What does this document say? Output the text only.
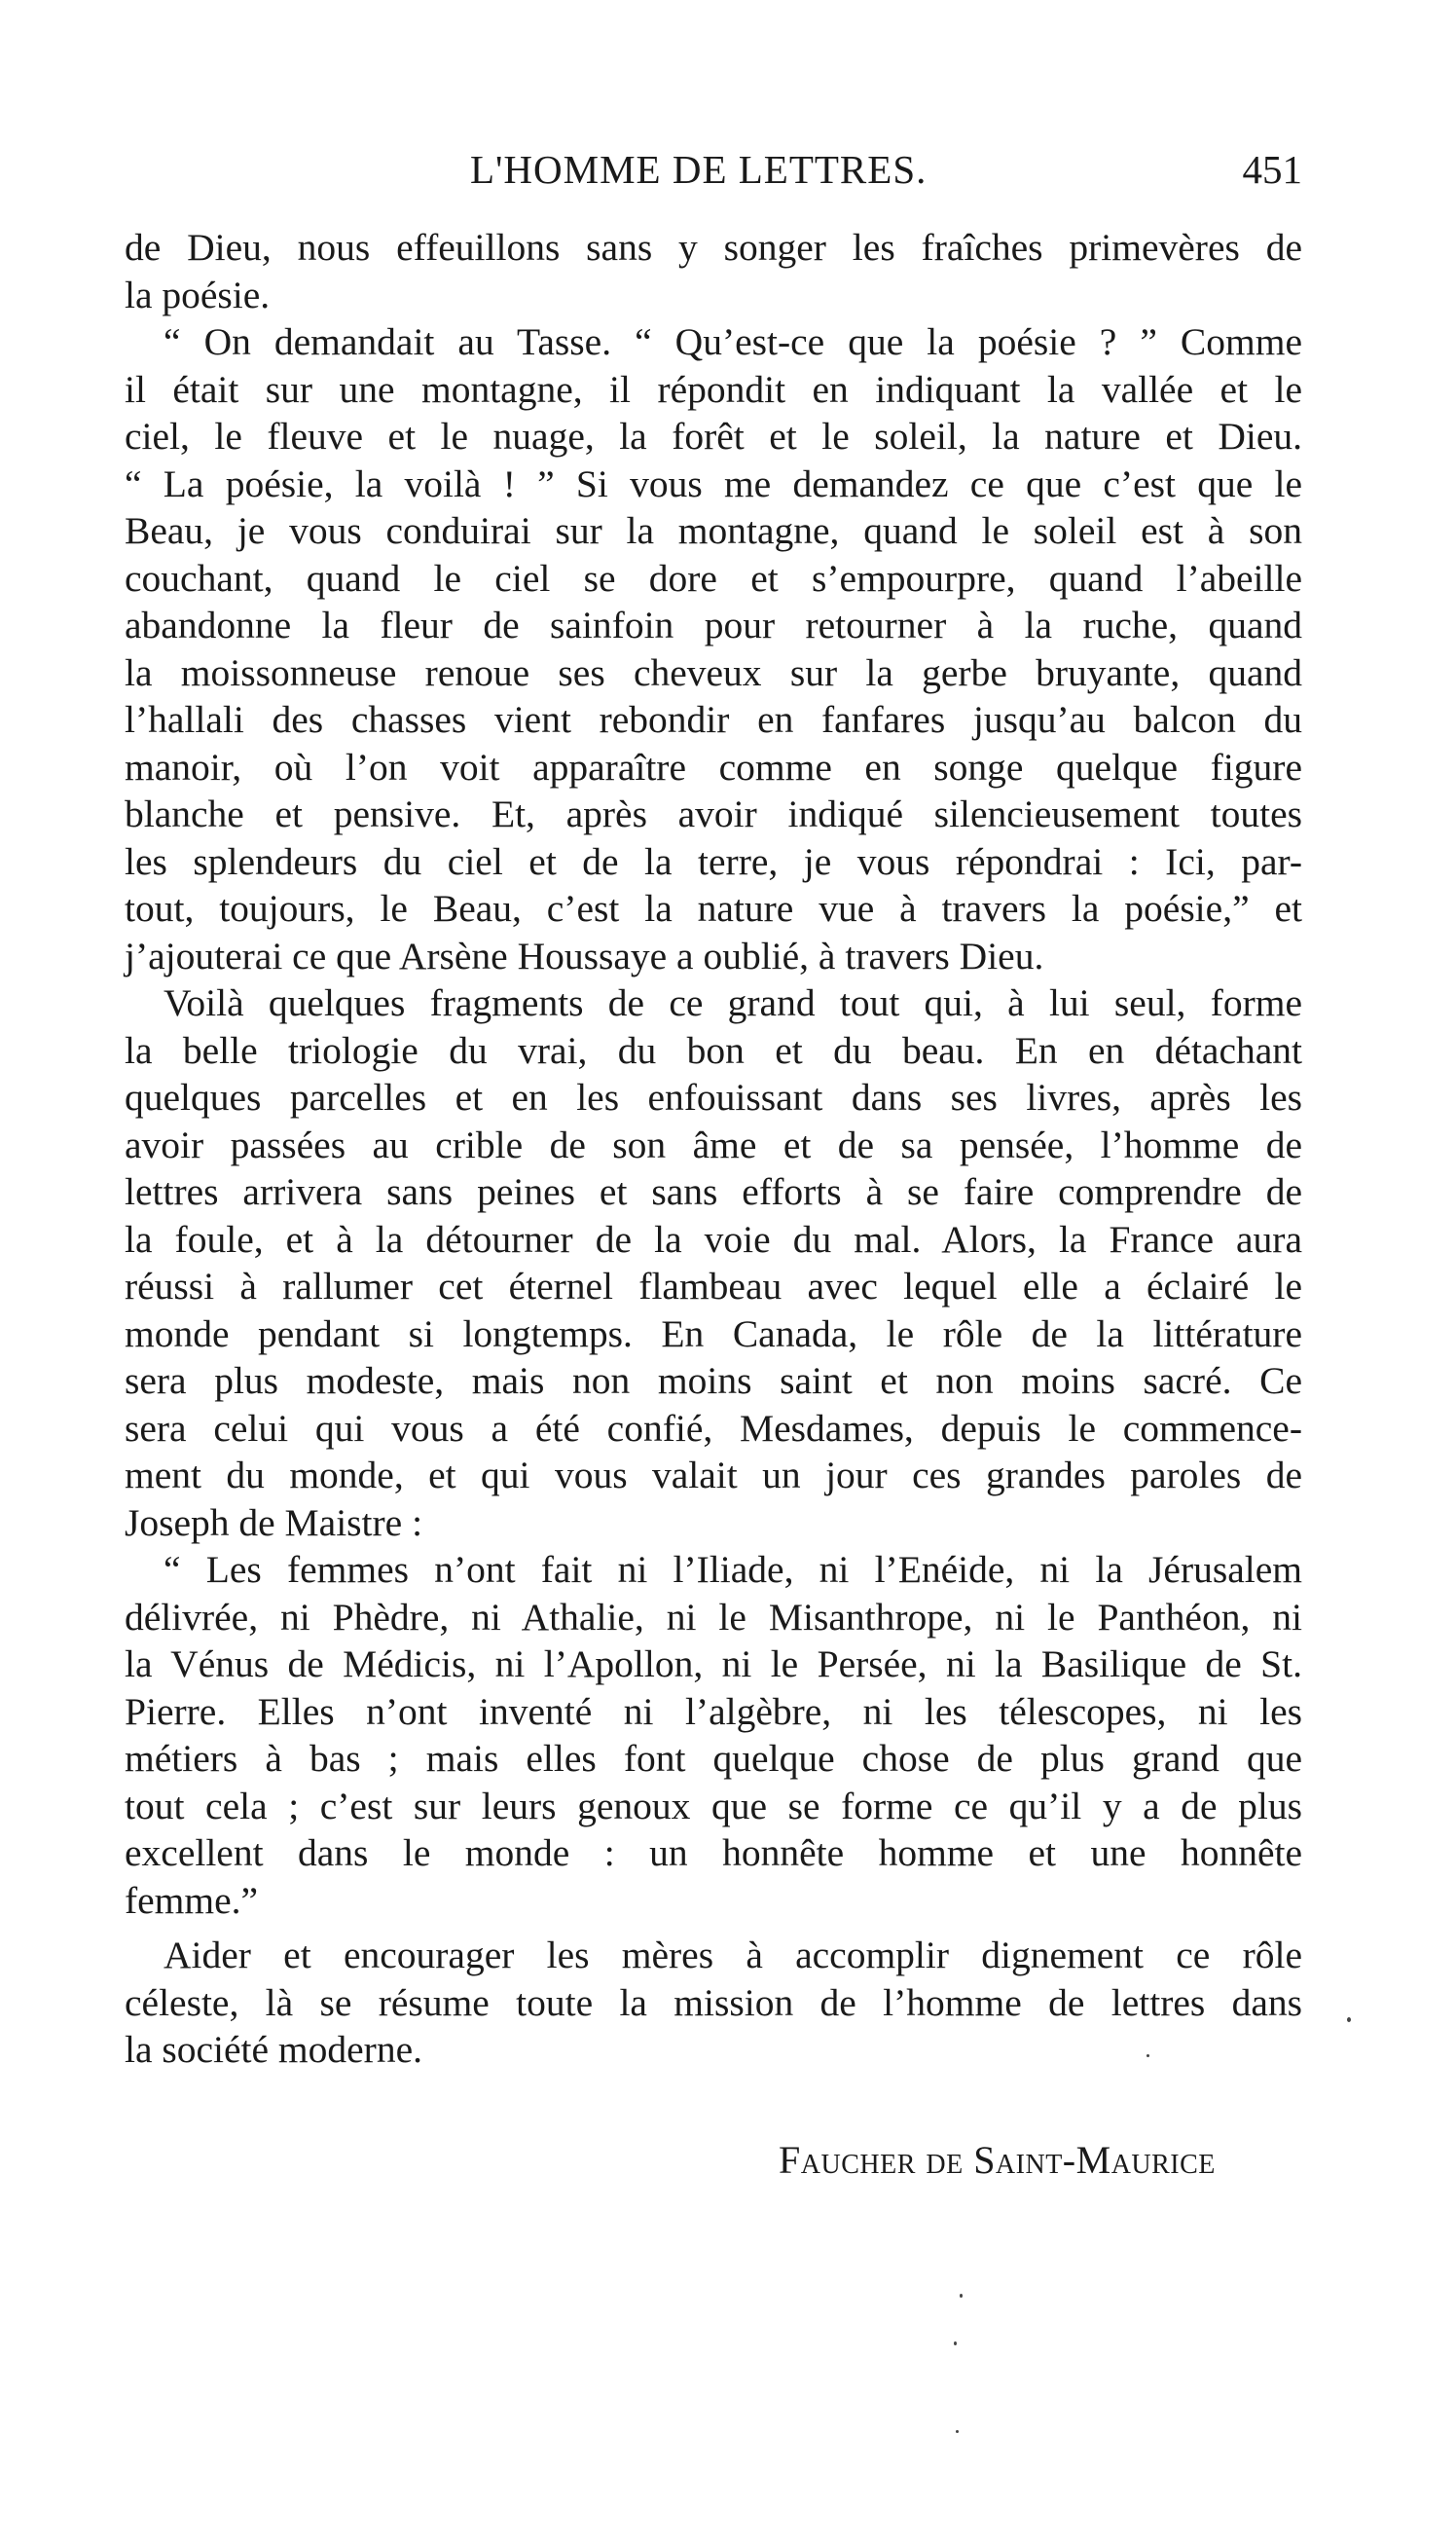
L'HOMME DE LETTRES.	451
de Dieu, nous effeuillons sans y songer les fraîches primevères de
la poésie.
“ On demandait au Tasse. “ Qu’est-ce que la poésie ? ” Comme
il était sur une montagne, il répondit en indiquant la vallée et le
ciel, le fleuve et le nuage, la forêt et le soleil, la nature et Dieu.
“ La poésie, la voilà ! ” Si vous me demandez ce que c’est que le
Beau, je vous conduirai sur la montagne, quand le soleil est à son
couchant, quand le ciel se dore et s’empourpre, quand l’abeille
abandonne la fleur de sainfoin pour retourner à la ruche, quand
la moissonneuse renoue ses cheveux sur la gerbe bruyante, quand
l’hallali des chasses vient rebondir en fanfares jusqu’au balcon du
manoir, où l’on voit apparaître comme en songe quelque figure
blanche et pensive. Et, après avoir indiqué silencieusement toutes
les splendeurs du ciel et de la terre, je vous répondrai : Ici, par-
tout, toujours, le Beau, c’est la nature vue à travers la poésie,” et
j’ajouterai ce que Arsène Houssaye a oublié, à travers Dieu.
Voilà quelques fragments de ce grand tout qui, à lui seul, forme
la belle triologie du vrai, du bon et du beau. En en détachant
quelques parcelles et en les enfouissant dans ses livres, après les
avoir passées au crible de son âme et de sa pensée, l’homme de
lettres arrivera sans peines et sans efforts à se faire comprendre de
la foule, et à la détourner de la voie du mal. Alors, la France aura
réussi à rallumer cet éternel flambeau avec lequel elle a éclairé le
monde pendant si longtemps. En Canada, le rôle de la littérature
sera plus modeste, mais non moins saint et non moins sacré. Ce
sera celui qui vous a été confié, Mesdames, depuis le commence-
ment du monde, et qui vous valait un jour ces grandes paroles de
Joseph de Maistre :
“ Les femmes n’ont fait ni l’Iliade, ni l’Enéide, ni la Jérusalem
délivrée, ni Phèdre, ni Athalie, ni le Misanthrope, ni le Panthéon, ni
la Vénus de Médicis, ni l’Apollon, ni le Persée, ni la Basilique de St.
Pierre. Elles n’ont inventé ni l’algèbre, ni les télescopes, ni les
métiers à bas ; mais elles font quelque chose de plus grand que
tout cela ; c’est sur leurs genoux que se forme ce qu’il y a de plus
excellent dans le monde : un honnête homme et une honnête
femme.”
Aider et encourager les mères à accomplir dignement ce rôle
céleste, là se résume toute la mission de l’homme de lettres dans
la société moderne.
Faucher de Saint-Maurice
